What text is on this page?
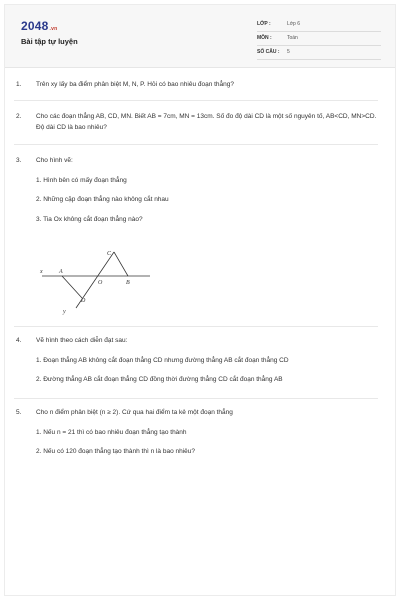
2048.vn
Bài tập tự luyện
LỚP :	Lớp 6
MÔN :	Toán
SỐ CÂU : 5
1. Trên xy lấy ba điểm phân biệt M, N, P. Hỏi có bao nhiêu đoạn thẳng?
2. Cho các đoạn thẳng AB, CD, MN. Biết AB = 7cm, MN = 13cm. Số đo độ dài CD là một số nguyên tố, AB<CD, MN>CD. Độ dài CD là bao nhiêu?
3. Cho hình vẽ:
1. Hình bên có mấy đoạn thẳng
2. Những cặp đoạn thẳng nào không cắt nhau
3. Tia Ox không cắt đoạn thẳng nào?
x	A
C
O	B
D
y
4. Vẽ hình theo cách diễn đạt sau:
1. Đoạn thẳng AB không cắt đoạn thẳng CD nhưng đường thẳng AB cắt đoạn thẳng CD
2. Đường thẳng AB cắt đoạn thẳng CD đồng thời đường thẳng CD cắt đoạn thẳng AB
5. Cho n điểm phân biệt (n ≥ 2). Cứ qua hai điểm ta kẻ một đoạn thẳng
1. Nếu n = 21 thì có bao nhiêu đoạn thẳng tạo thành
2. Nếu có 120 đoạn thẳng tạo thành thì n là bao nhiêu?
